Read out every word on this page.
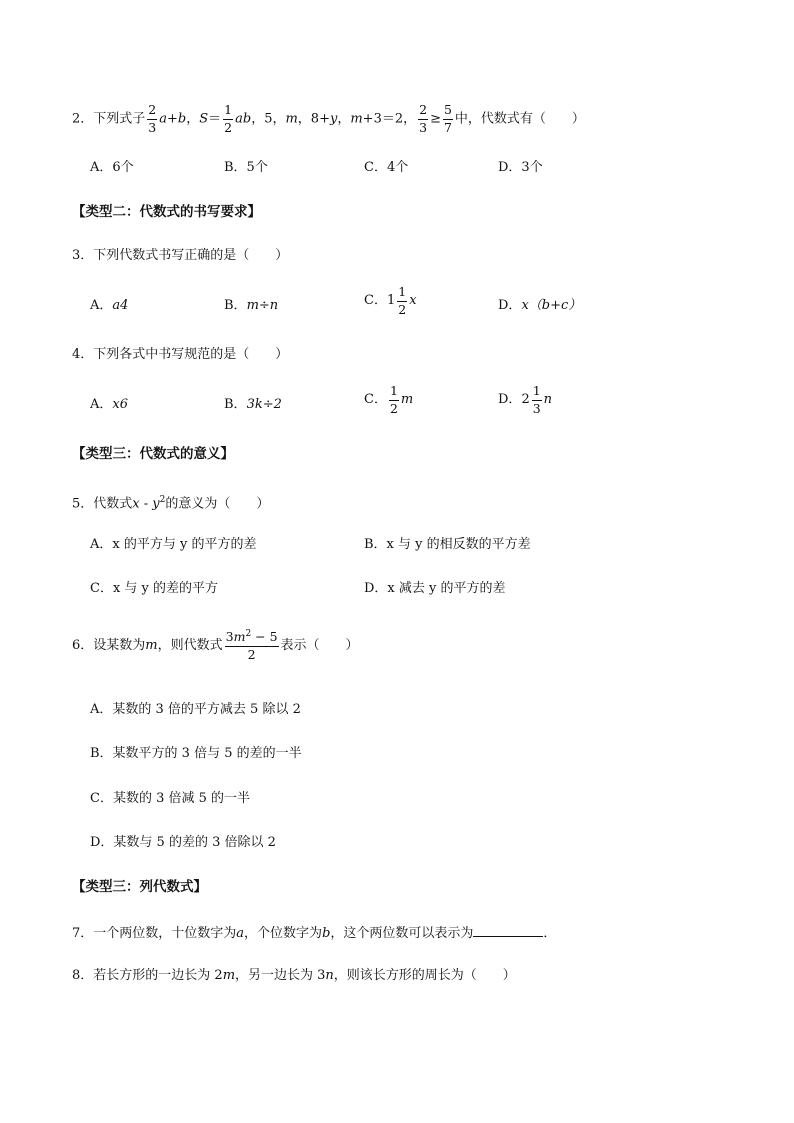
2．下列式子 $\frac{2}{3} a+b$，$S= \frac{1}{2}$ ab，5，m，8+y，m+3＝2， $\frac{2}{3} \ge \frac{5}{7}$ 中，代数式有（　　）
A．6个	B．5个	C．4个	D．3个
【类型二：代数式的书写要求】
3．下列代数式书写正确的是（　　）
A．a4	B．m÷n	C． $1 \frac{1}{2}$ x	D．x（b+c）
4．下列各式中书写规范的是（　　）
A．x6	B．3k÷2	C． $\frac{1}{2}$ m	D． $2 \frac{1}{3}$ n
【类型三：代数式的意义】
5．代数式x - $y^2$的意义为（　　）
A．x 的平方与 y 的平方的差	B．x 与 y 的相反数的平方差
C．x 与 y 的差的平方	D．x 减去 y 的平方的差
6．设某数为m，则代数式 $\frac{3m^2 - 5}{2}$ 表示（　　）
A．某数的 3 倍的平方减去 5 除以 2
B．某数平方的 3 倍与 5 的差的一半
C．某数的 3 倍减 5 的一半
D．某数与 5 的差的 3 倍除以 2
【类型三：列代数式】
7．一个两位数，十位数字为a，个位数字为b，这个两位数可以表示为	．
8．若长方形的一边长为 2m，另一边长为 3n，则该长方形的周长为（　　）
